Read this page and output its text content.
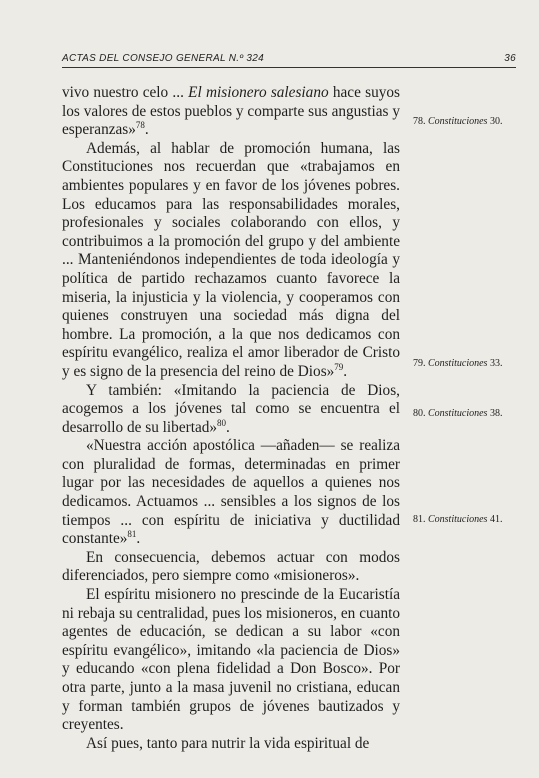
ACTAS DEL CONSEJO GENERAL N.º 324	36

vivo nuestro celo ... El misionero salesiano hace suyos los valores de estos pueblos y comparte sus angustias y esperanzas»$^{78}$.

Además, al hablar de promoción humana, las Constituciones nos recuerdan que «trabajamos en ambientes populares y en favor de los jóvenes pobres. Los educamos para las responsabilidades morales, profesionales y sociales colaborando con ellos, y contribuimos a la promoción del grupo y del ambiente ... Manteniéndonos independientes de toda ideología y política de partido rechazamos cuanto favorece la miseria, la injusticia y la violencia, y cooperamos con quienes construyen una sociedad más digna del hombre. La promoción, a la que nos dedicamos con espíritu evangélico, realiza el amor liberador de Cristo y es signo de la presencia del reino de Dios»$^{79}$.

Y también: «Imitando la paciencia de Dios, acogemos a los jóvenes tal como se encuentra el desarrollo de su libertad»$^{80}$.

«Nuestra acción apostólica —añaden— se realiza con pluralidad de formas, determinadas en primer lugar por las necesidades de aquellos a quienes nos dedicamos. Actuamos ... sensibles a los signos de los tiempos ... con espíritu de iniciativa y ductilidad constante»$^{81}$.

En consecuencia, debemos actuar con modos diferenciados, pero siempre como «misioneros».

El espíritu misionero no prescinde de la Eucaristía ni rebaja su centralidad, pues los misioneros, en cuanto agentes de educación, se dedican a su labor «con espíritu evangélico», imitando «la paciencia de Dios» y educando «con plena fidelidad a Don Bosco». Por otra parte, junto a la masa juvenil no cristiana, educan y forman también grupos de jóvenes bautizados y creyentes.

Así pues, tanto para nutrir la vida espiritual de

78. Constituciones 30.
79. Constituciones 33.
80. Constituciones 38.
81. Constituciones 41.
